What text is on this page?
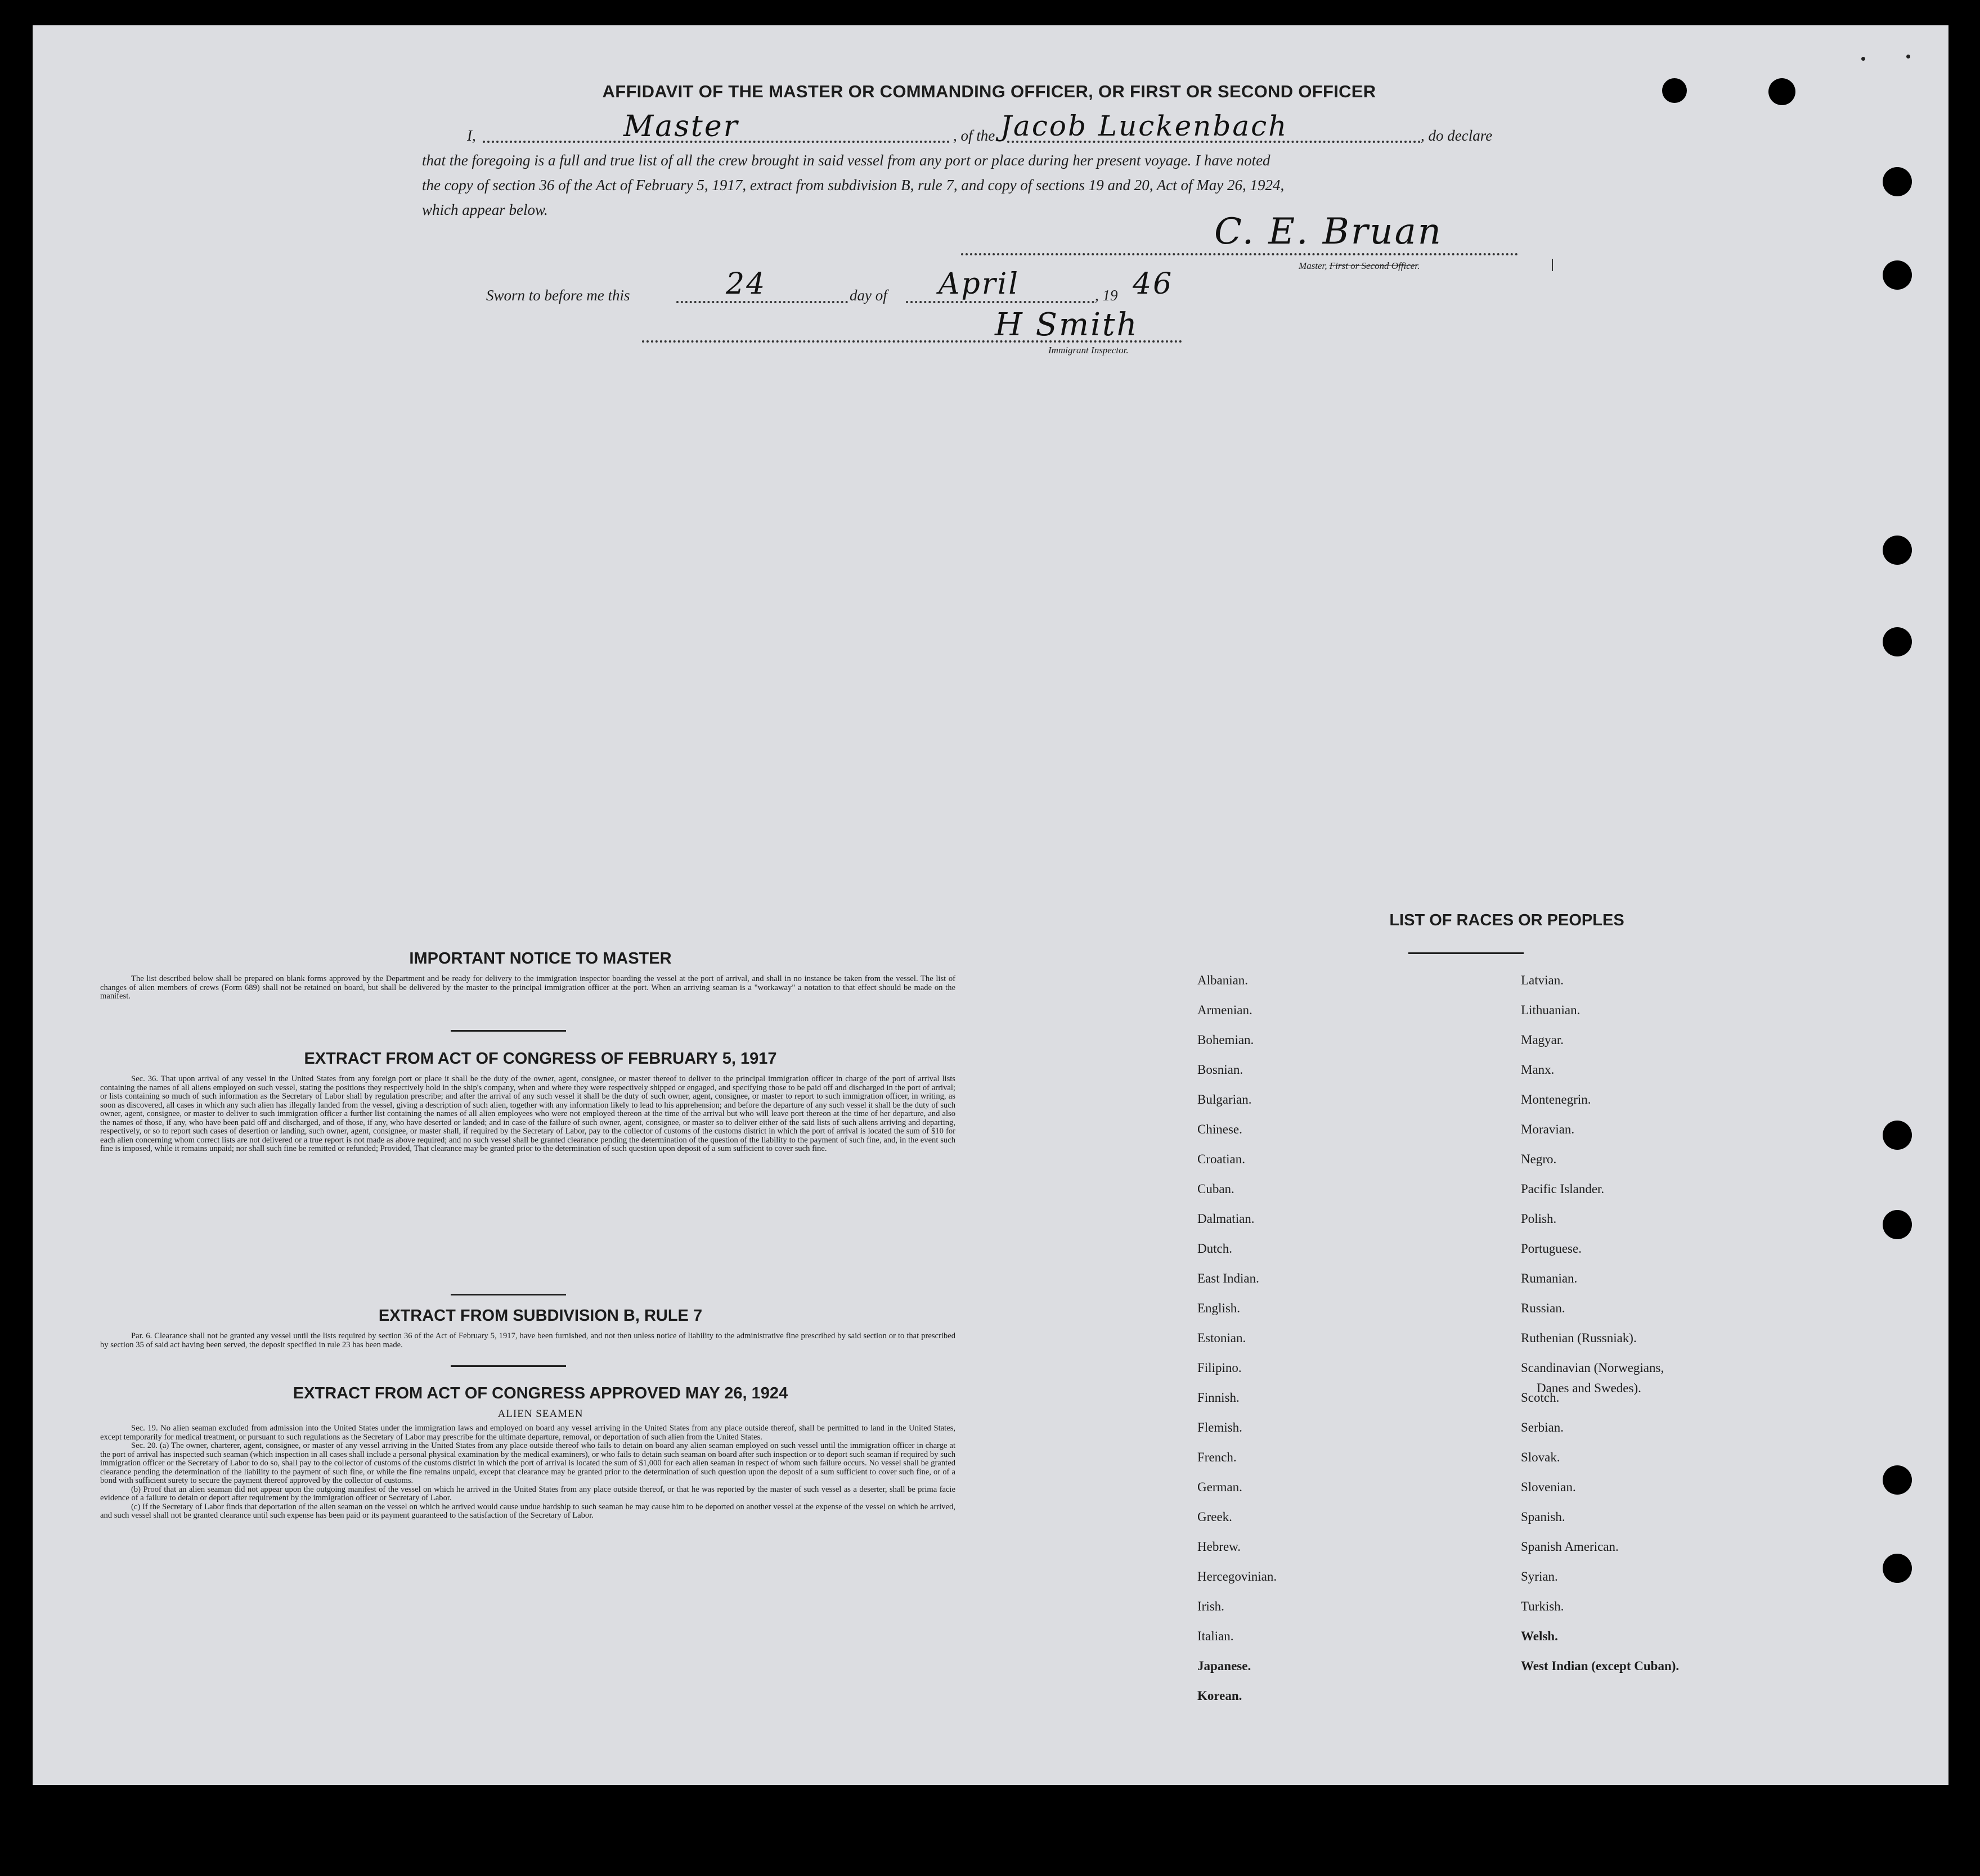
AFFIDAVIT OF THE MASTER OR COMMANDING OFFICER, OR FIRST OR SECOND OFFICER
I,	Master	, of the Jacob Luckenbach	, do declare
that the foregoing is a full and true list of all the crew brought in said vessel from any port or place during her present voyage. I have noted
the copy of section 36 of the Act of February 5, 1917, extract from subdivision B, rule 7, and copy of sections 19 and 20, Act of May 26, 1924,
which appear below.
C. E. Bruan
Master, First or Second Officer.
Sworn to before me this	24	day of April	, 19 46
H Smith
Immigrant Inspector.
IMPORTANT NOTICE TO MASTER

The list described below shall be prepared on blank forms approved by the Department and be ready for delivery to the immigration inspector boarding the vessel at the port of arrival, and shall in no instance be taken from the vessel. The list of changes of alien members of crews (Form 689) shall not be retained on board, but shall be delivered by the master to the principal immigration officer at the port. When an arriving seaman is a "workaway" a notation to that effect should be made on the manifest.

EXTRACT FROM ACT OF CONGRESS OF FEBRUARY 5, 1917

Sec. 36. That upon arrival of any vessel in the United States from any foreign port or place it shall be the duty of the owner, agent, consignee, or master thereof to deliver to the principal immigration officer in charge of the port of arrival lists containing the names of all aliens employed on such vessel, stating the positions they respectively hold in the ship's company, when and where they were respectively shipped or engaged, and specifying those to be paid off and discharged in the port of arrival; or lists containing so much of such information as the Secretary of Labor shall by regulation prescribe; and after the arrival of any such vessel it shall be the duty of such owner, agent, consignee, or master to report to such immigration officer, in writing, as soon as discovered, all cases in which any such alien has illegally landed from the vessel, giving a description of such alien, together with any information likely to lead to his apprehension; and before the departure of any such vessel it shall be the duty of such owner, agent, consignee, or master to deliver to such immigration officer a further list containing the names of all alien employees who were not employed thereon at the time of the arrival but who will leave port thereon at the time of her departure, and also the names of those, if any, who have been paid off and discharged, and of those, if any, who have deserted or landed; and in case of the failure of such owner, agent, consignee, or master so to deliver either of the said lists of such aliens arriving and departing, respectively, or so to report such cases of desertion or landing, such owner, agent, consignee, or master shall, if required by the Secretary of Labor, pay to the collector of customs of the customs district in which the port of arrival is located the sum of $10 for each alien concerning whom correct lists are not delivered or a true report is not made as above required; and no such vessel shall be granted clearance pending the determination of the question of the liability to the payment of such fine, and, in the event such fine is imposed, while it remains unpaid; nor shall such fine be remitted or refunded; Provided, That clearance may be granted prior to the determination of such question upon deposit of a sum sufficient to cover such fine.

EXTRACT FROM SUBDIVISION B, RULE 7

Par. 6. Clearance shall not be granted any vessel until the lists required by section 36 of the Act of February 5, 1917, have been furnished, and not then unless notice of liability to the administrative fine prescribed by said section or to that prescribed by section 35 of said act having been served, the deposit specified in rule 23 has been made.

EXTRACT FROM ACT OF CONGRESS APPROVED MAY 26, 1924
ALIEN SEAMEN

Sec. 19. No alien seaman excluded from admission into the United States under the immigration laws and employed on board any vessel arriving in the United States from any place outside thereof, shall be permitted to land in the United States, except temporarily for medical treatment, or pursuant to such regulations as the Secretary of Labor may prescribe for the ultimate departure, removal, or deportation of such alien from the United States.

Sec. 20. (a) The owner, charterer, agent, consignee, or master of any vessel arriving in the United States from any place outside thereof who fails to detain on board any alien seaman employed on such vessel until the immigration officer in charge at the port of arrival has inspected such seaman (which inspection in all cases shall include a personal physical examination by the medical examiners), or who fails to detain such seaman on board after such inspection or to deport such seaman if required by such immigration officer or the Secretary of Labor to do so, shall pay to the collector of customs of the customs district in which the port of arrival is located the sum of $1,000 for each alien seaman in respect of whom such failure occurs. No vessel shall be granted clearance pending the determination of the liability to the payment of such fine, or while the fine remains unpaid, except that clearance may be granted prior to the determination of such question upon the deposit of a sum sufficient to cover such fine, or of a bond with sufficient surety to secure the payment thereof approved by the collector of customs.

(b) Proof that an alien seaman did not appear upon the outgoing manifest of the vessel on which he arrived in the United States from any place outside thereof, or that he was reported by the master of such vessel as a deserter, shall be prima facie evidence of a failure to detain or deport after requirement by the immigration officer or Secretary of Labor.

(c) If the Secretary of Labor finds that deportation of the alien seaman on the vessel on which he arrived would cause undue hardship to such seaman he may cause him to be deported on another vessel at the expense of the vessel on which he arrived, and such vessel shall not be granted clearance until such expense has been paid or its payment guaranteed to the satisfaction of the Secretary of Labor.

LIST OF RACES OR PEOPLES
Albanian.
Armenian.
Bohemian.
Bosnian.
Bulgarian.
Chinese.
Croatian.
Cuban.
Dalmatian.
Dutch.
East Indian.
English.
Estonian.
Filipino.
Finnish.
Flemish.
French.
German.
Greek.
Hebrew.
Hercegovinian.
Irish.
Italian.
Japanese.
Korean.
Latvian.
Lithuanian.
Magyar.
Manx.
Montenegrin.
Moravian.
Negro.
Pacific Islander.
Polish.
Portuguese.
Rumanian.
Russian.
Ruthenian (Russniak).
Scandinavian (Norwegians,
Danes and Swedes).
Scotch.
Serbian.
Slovak.
Slovenian.
Spanish.
Spanish American.
Syrian.
Turkish.
Welsh.
West Indian (except Cuban).
